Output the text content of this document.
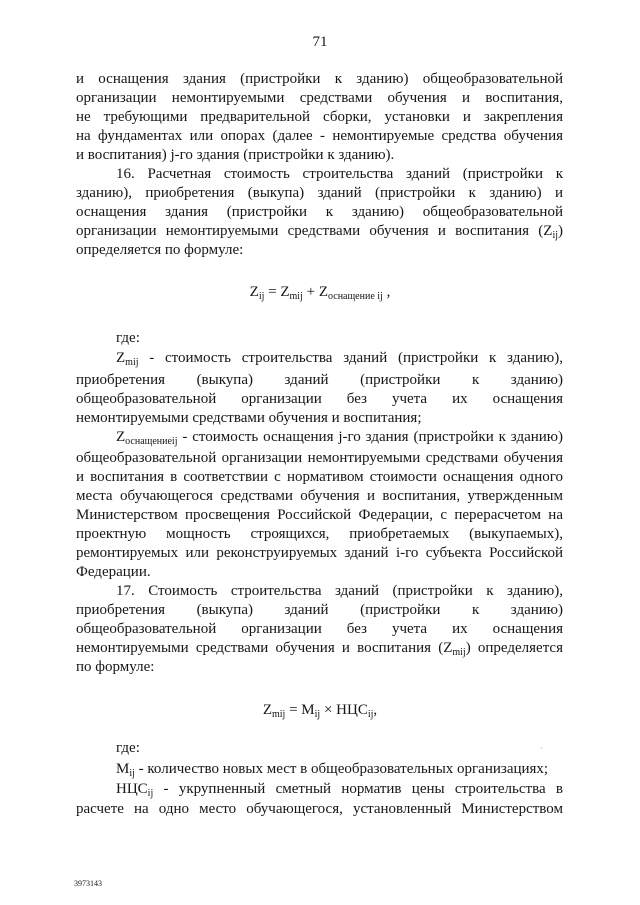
71
и оснащения здания (пристройки к зданию) общеобразовательной
организации немонтируемыми средствами обучения и воспитания,
не требующими предварительной сборки, установки и закрепления
на фундаментах или опорах (далее - немонтируемые средства обучения
и воспитания) j-го здания (пристройки к зданию).
16. Расчетная стоимость строительства зданий (пристройки к
зданию), приобретения (выкупа) зданий (пристройки к зданию) и
оснащения здания (пристройки к зданию) общеобразовательной
организации немонтируемыми средствами обучения и воспитания $(Z_{ij})$
определяется по формуле:
$Z_{ij} = Z_{mij} + Z_{оснащение ij}$ ,
где:
$Z_{mij}$ - стоимость строительства зданий (пристройки к зданию),
приобретения (выкупа) зданий (пристройки к зданию)
общеобразовательной организации без учета их оснащения
немонтируемыми средствами обучения и воспитания;
$Z_{оснащениеij}$ - стоимость оснащения j-го здания (пристройки к зданию)
общеобразовательной организации немонтируемыми средствами обучения
и воспитания в соответствии с нормативом стоимости оснащения одного
места обучающегося средствами обучения и воспитания, утвержденным
Министерством просвещения Российской Федерации, с перерасчетом на
проектную мощность строящихся, приобретаемых (выкупаемых),
ремонтируемых или реконструируемых зданий i-го субъекта Российской
Федерации.
17. Стоимость строительства зданий (пристройки к зданию),
приобретения (выкупа) зданий (пристройки к зданию)
общеобразовательной организации без учета их оснащения
немонтируемыми средствами обучения и воспитания $(Z_{mij})$ определяется
по формуле:
$Z_{mij} = M_{ij} \times НЦС_{ij}$,
где:	·
$M_{ij}$ - количество новых мест в общеобразовательных организациях;
$НЦС_{ij}$ - укрупненный сметный норматив цены строительства в
расчете на одно место обучающегося, установленный Министерством
3973143
